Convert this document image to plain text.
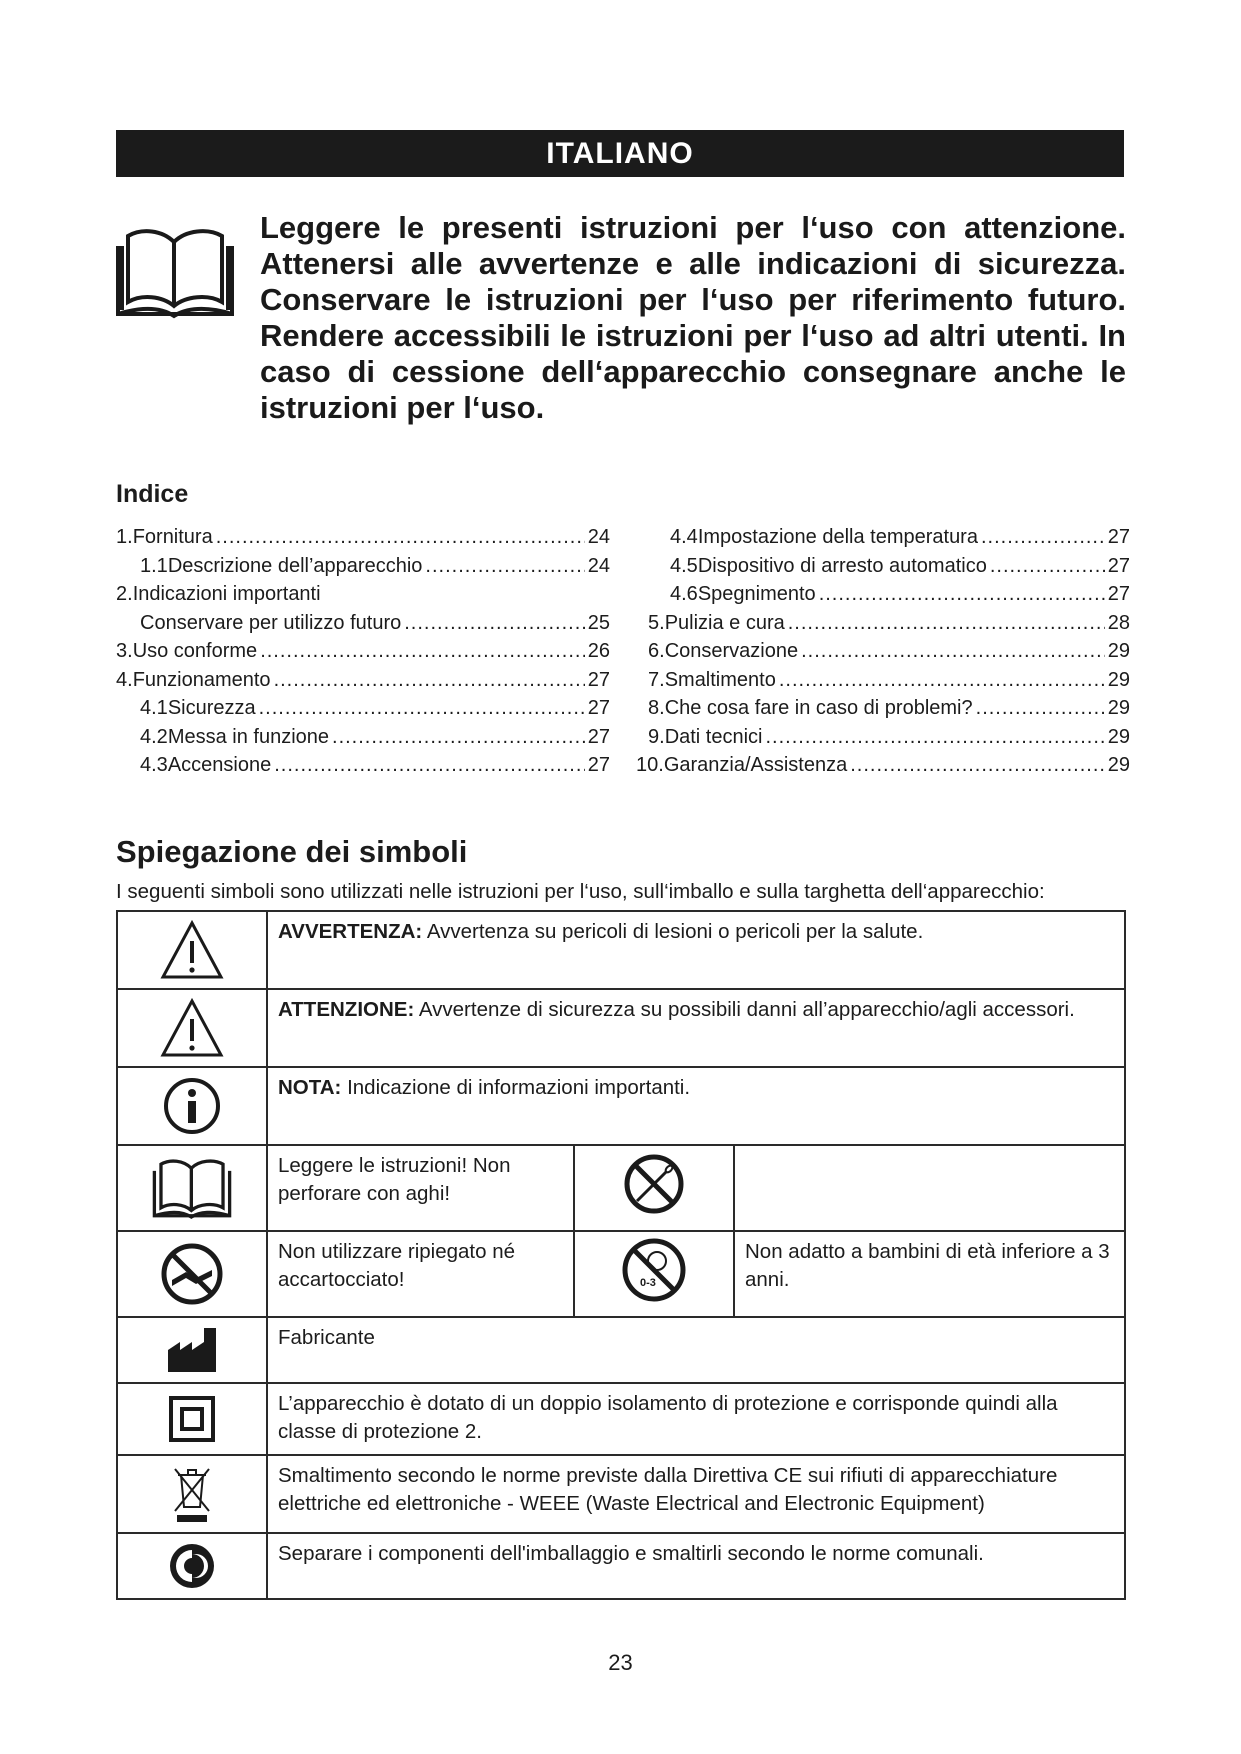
ITALIANO

Leggere le presenti istruzioni per l‘uso con attenzione. Attenersi alle avvertenze e alle indicazioni di sicurezza. Conservare le istruzioni per l‘uso per riferimento futuro. Rendere accessibili le istruzioni per l‘uso ad altri utenti. In caso di cessione dell‘apparecchio consegnare anche le istruzioni per l‘uso.

Indice
1. Fornitura .....	24
1.1 Descrizione dell’apparecchio .....	24
2. Indicazioni importanti
Conservare per utilizzo futuro .....	25
3. Uso conforme .....	26
4. Funzionamento .....	27
4.1 Sicurezza .....	27
4.2 Messa in funzione .....	27
4.3 Accensione .....	27
4.4 Impostazione della temperatura .....	27
4.5 Dispositivo di arresto automatico .....	27
4.6 Spegnimento .....	27
5. Pulizia e cura .....	28
6. Conservazione .....	29
7. Smaltimento .....	29
8. Che cosa fare in caso di problemi? .....	29
9. Dati tecnici .....	29
10. Garanzia/Assistenza .....	29
Spiegazione dei simboli

I seguenti simboli sono utilizzati nelle istruzioni per l‘uso, sull‘imballo e sulla targhetta dell‘apparecchio:

	AVVERTENZA: Avvertenza su pericoli di lesioni o pericoli per la salute.		

	ATTENZIONE: Avvertenze di sicurezza su possibili danni all’apparecchio/agli accessori.		

	NOTA: Indicazione di informazioni importanti.		

	Leggere le istruzioni! Non perforare con aghi!		

	Non utilizzare ripiegato né accartocciato!	0-3	Non adatto a bambini di età inferiore a 3 anni.

	Fabricante		

	L’apparecchio è dotato di un doppio isolamento di protezione e corrisponde quindi alla classe di protezione 2.		

	Smaltimento secondo le norme previste dalla Direttiva CE sui rifiuti di apparecchiature elettriche ed elettroniche - WEEE (Waste Electrical and Electronic Equipment)		

	Separare i componenti dell'imballaggio e smaltirli secondo le norme comunali.		
23
